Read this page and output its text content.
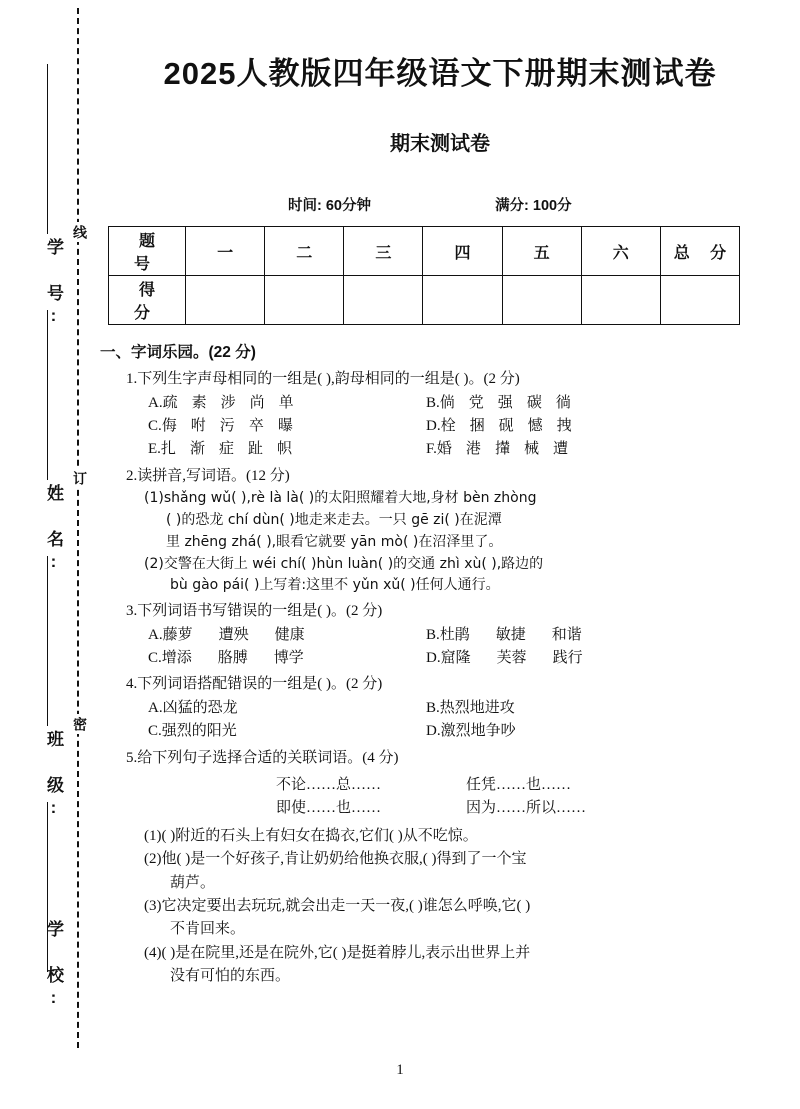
学 号:
姓 名:
班 级:
学 校:
线
订
密
2025人教版四年级语文下册期末测试卷
期末测试卷
时间: 60分钟	满分: 100分
题 号	一	二	三	四	五	六	总 分
得 分							
一、字词乐园。(22 分)
1.下列生字声母相同的一组是( ),韵母相同的一组是( )。(2 分)
A.疏 素 涉 尚 单	B.倘 党 强 碳 徜
C.侮 咐 污 卒 曝	D.栓 捆 砚 憾 拽
E.扎 渐 症 趾 帜	F.婚 港 攆 械 遭
2.读拼音,写词语。(12 分)
(1)shǎng wǔ( ),rè là là( )的太阳照耀着大地,身材 bèn zhòng
( )的恐龙 chí dùn( )地走来走去。一只 gē zi( )在泥潭
里 zhēng zhá( ),眼看它就要 yān mò( )在沼泽里了。
(2)交警在大街上 wéi chí( )hùn luàn( )的交通 zhì xù( ),路边的
bù gào pái( )上写着:这里不 yǔn xǔ( )任何人通行。
3.下列词语书写错误的一组是( )。(2 分)
A.藤萝 遭殃 健康	B.杜鹃 敏捷 和谐
C.增添 胳膊 博学	D.窟隆 芙蓉 践行
4.下列词语搭配错误的一组是( )。(2 分)
A.凶猛的恐龙	B.热烈地进攻
C.强烈的阳光	D.激烈地争吵
5.给下列句子选择合适的关联词语。(4 分)
不论……总……	任凭……也……
即使……也……	因为……所以……
(1)( )附近的石头上有妇女在捣衣,它们( )从不吃惊。
(2)他( )是一个好孩子,肯让奶奶给他换衣服,( )得到了一个宝
葫芦。
(3)它决定要出去玩玩,就会出走一天一夜,( )谁怎么呼唤,它( )
不肯回来。
(4)( )是在院里,还是在院外,它( )是挺着脖儿,表示出世界上并
没有可怕的东西。
1
